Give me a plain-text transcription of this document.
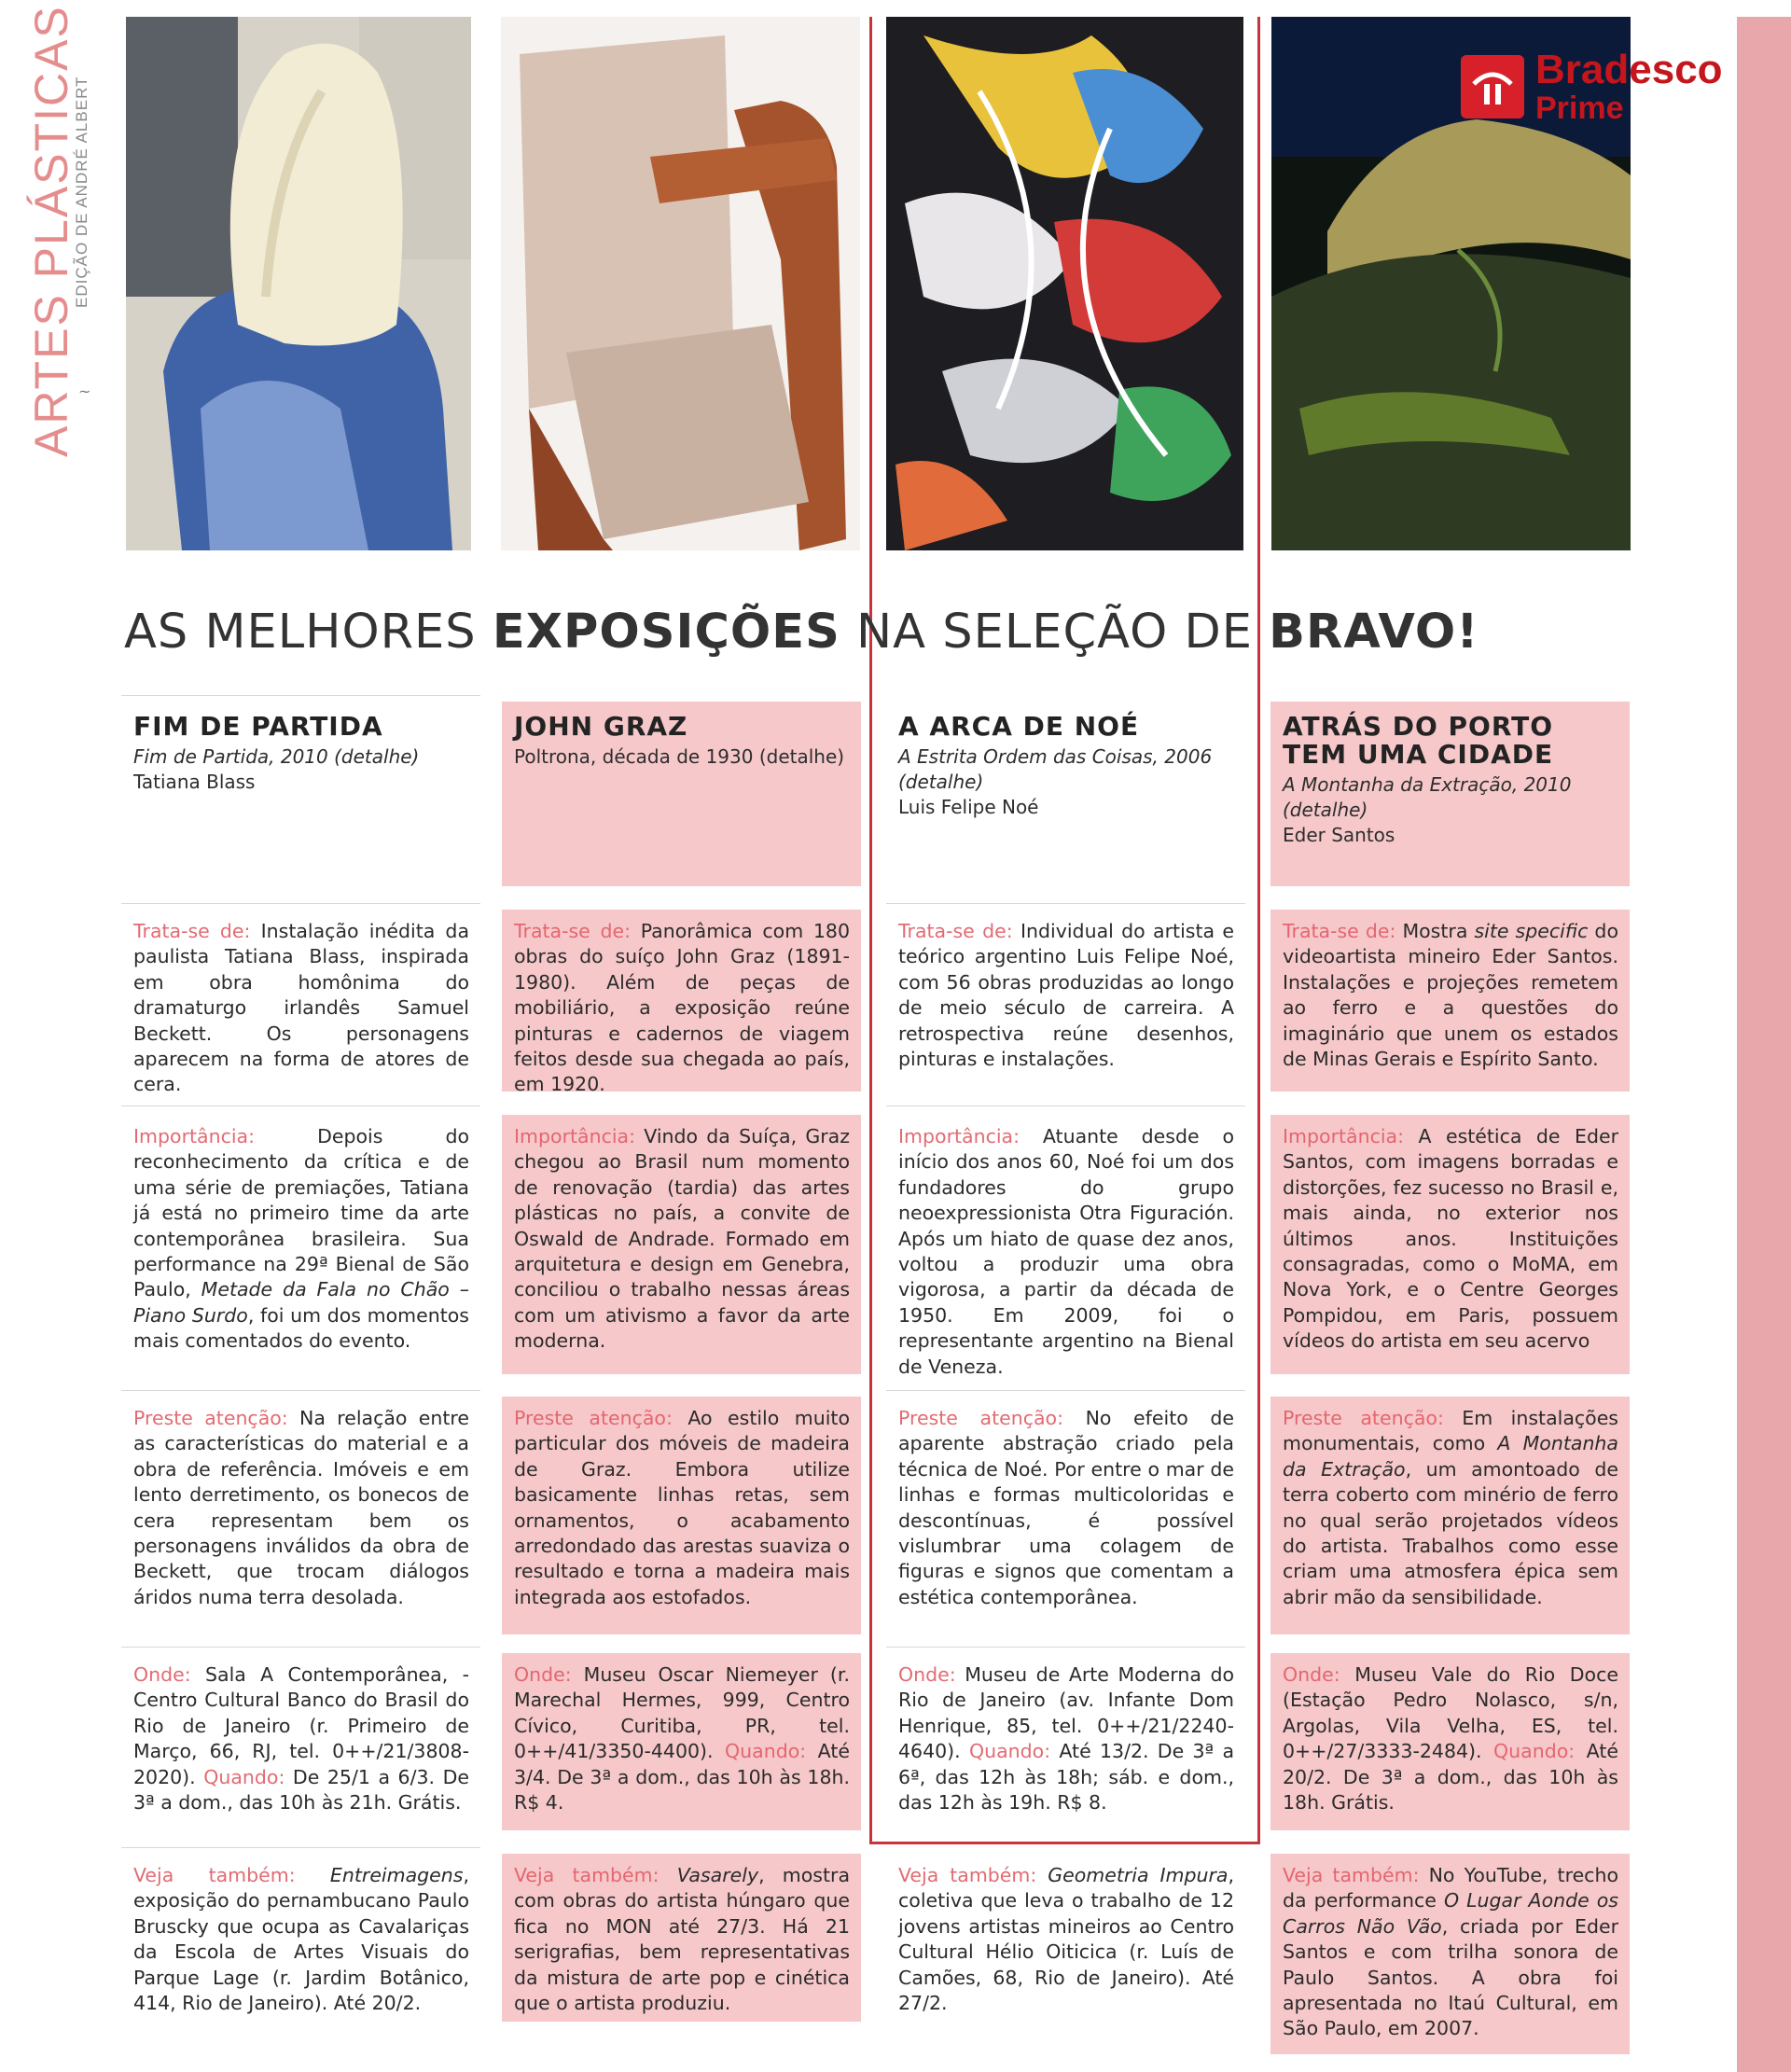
ARTES PLÁSTICAS
EDIÇÃO DE ANDRÉ ALBERT
~
Bradesco
Prime
AS MELHORES EXPOSIÇÕES NA SELEÇÃO DE BRAVO!
FIM DE PARTIDA
Fim de Partida, 2010 (detalhe)
Tatiana Blass
Trata-se de: Instalação inédita da paulista Tatiana Blass, inspirada em obra homônima do dramaturgo irlandês Samuel Beckett. Os personagens aparecem na forma de atores de cera.
Importância: Depois do reconhecimento da crítica e de uma série de premiações, Tatiana já está no primeiro time da arte contemporânea brasileira. Sua performance na 29ª Bienal de São Paulo, Metade da Fala no Chão – Piano Surdo, foi um dos momentos mais comentados do evento.
Preste atenção: Na relação entre as características do material e a obra de referência. Imóveis e em lento derretimento, os bonecos de cera representam bem os personagens inválidos da obra de Beckett, que trocam diálogos áridos numa terra desolada.
Onde: Sala A Contemporânea, - Centro Cultural Banco do Brasil do Rio de Janeiro (r. Primeiro de Março, 66, RJ, tel. 0++/21/3808-2020). Quando: De 25/1 a 6/3. De 3ª a dom., das 10h às 21h. Grátis.
Veja também: Entreimagens, exposição do pernambucano Paulo Bruscky que ocupa as Cavalariças da Escola de Artes Visuais do Parque Lage (r. Jardim Botânico, 414, Rio de Janeiro). Até 20/2.
JOHN GRAZ
Poltrona, década de 1930 (detalhe)
Trata-se de: Panorâmica com 180 obras do suíço John Graz (1891-1980). Além de peças de mobiliário, a exposição reúne pinturas e cadernos de viagem feitos desde sua chegada ao país, em 1920.
Importância: Vindo da Suíça, Graz chegou ao Brasil num momento de renovação (tardia) das artes plásticas no país, a convite de Oswald de Andrade. Formado em arquitetura e design em Genebra, conciliou o trabalho nessas áreas com um ativismo a favor da arte moderna.
Preste atenção: Ao estilo muito particular dos móveis de madeira de Graz. Embora utilize basicamente linhas retas, sem ornamentos, o acabamento arredondado das arestas suaviza o resultado e torna a madeira mais integrada aos estofados.
Onde: Museu Oscar Niemeyer (r. Marechal Hermes, 999, Centro Cívico, Curitiba, PR, tel. 0++/41/3350-4400). Quando: Até 3/4. De 3ª a dom., das 10h às 18h. R$ 4.
Veja também: Vasarely, mostra com obras do artista húngaro que fica no MON até 27/3. Há 21 serigrafias, bem representativas da mistura de arte pop e cinética que o artista produziu.
A ARCA DE NOÉ
A Estrita Ordem das Coisas, 2006
(detalhe)
Luis Felipe Noé
Trata-se de: Individual do artista e teórico argentino Luis Felipe Noé, com 56 obras produzidas ao longo de meio século de carreira. A retrospectiva reúne desenhos, pinturas e instalações.
Importância: Atuante desde o início dos anos 60, Noé foi um dos fundadores do grupo neoexpressionista Otra Figuración. Após um hiato de quase dez anos, voltou a produzir uma obra vigorosa, a partir da década de 1950. Em 2009, foi o representante argentino na Bienal de Veneza.
Preste atenção: No efeito de aparente abstração criado pela técnica de Noé. Por entre o mar de linhas e formas multicoloridas e descontínuas, é possível vislumbrar uma colagem de figuras e signos que comentam a estética contemporânea.
Onde: Museu de Arte Moderna do Rio de Janeiro (av. Infante Dom Henrique, 85, tel. 0++/21/2240-4640). Quando: Até 13/2. De 3ª a 6ª, das 12h às 18h; sáb. e dom., das 12h às 19h. R$ 8.
Veja também: Geometria Impura, coletiva que leva o trabalho de 12 jovens artistas mineiros ao Centro Cultural Hélio Oiticica (r. Luís de Camões, 68, Rio de Janeiro). Até 27/2.
ATRÁS DO PORTO TEM UMA CIDADE
A Montanha da Extração, 2010
(detalhe)
Eder Santos
Trata-se de: Mostra site specific do videoartista mineiro Eder Santos. Instalações e projeções remetem ao ferro e a questões do imaginário que unem os estados de Minas Gerais e Espírito Santo.
Importância: A estética de Eder Santos, com imagens borradas e distorções, fez sucesso no Brasil e, mais ainda, no exterior nos últimos anos. Instituições consagradas, como o MoMA, em Nova York, e o Centre Georges Pompidou, em Paris, possuem vídeos do artista em seu acervo
Preste atenção: Em instalações monumentais, como A Montanha da Extração, um amontoado de terra coberto com minério de ferro no qual serão projetados vídeos do artista. Trabalhos como esse criam uma atmosfera épica sem abrir mão da sensibilidade.
Onde: Museu Vale do Rio Doce (Estação Pedro Nolasco, s/n, Argolas, Vila Velha, ES, tel. 0++/27/3333-2484). Quando: Até 20/2. De 3ª a dom., das 10h às 18h. Grátis.
Veja também: No YouTube, trecho da performance O Lugar Aonde os Carros Não Vão, criada por Eder Santos e com trilha sonora de Paulo Santos. A obra foi apresentada no Itaú Cultural, em São Paulo, em 2007.
